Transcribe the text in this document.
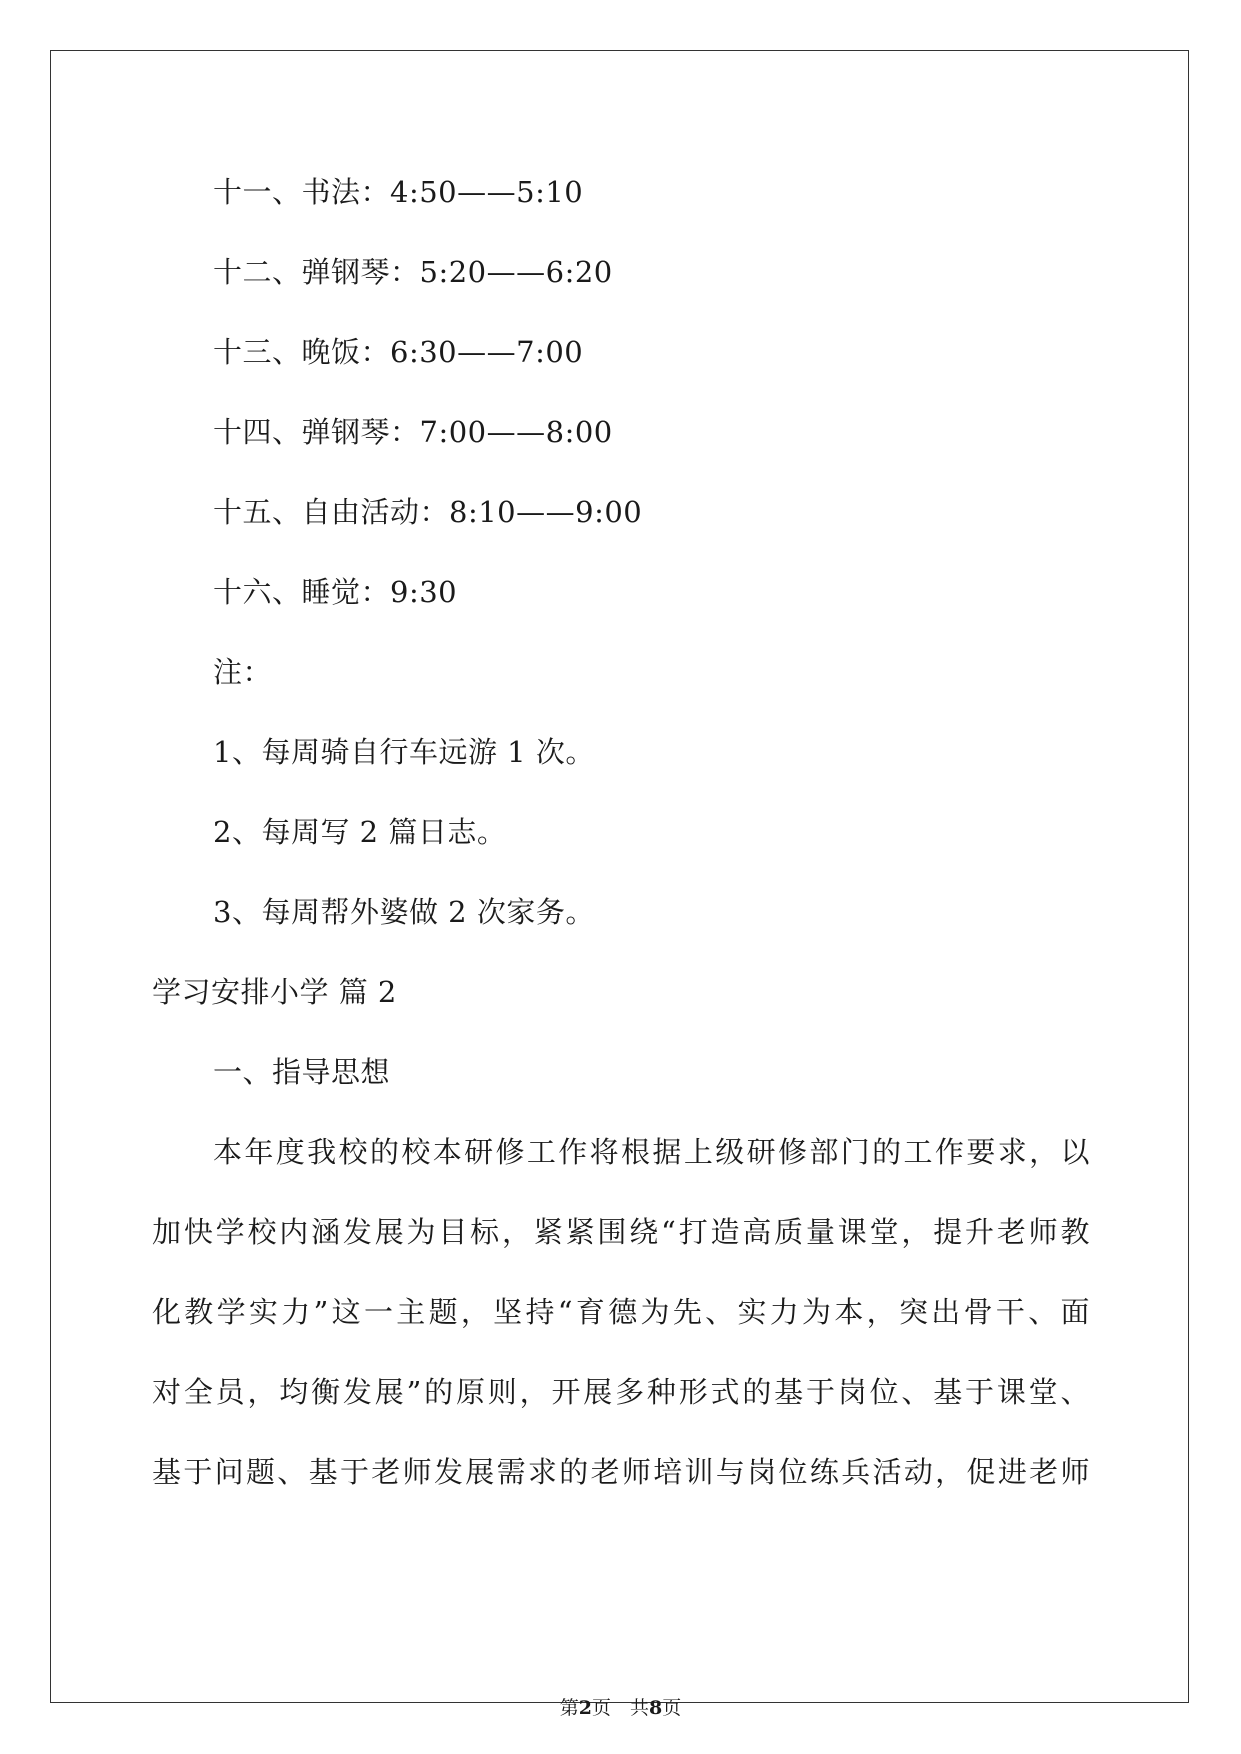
十一、书法：4:50——5:10
十二、弹钢琴：5:20——6:20
十三、晚饭：6:30——7:00
十四、弹钢琴：7:00——8:00
十五、自由活动：8:10——9:00
十六、睡觉：9:30
注：
1、每周骑自行车远游 1 次。
2、每周写 2 篇日志。
3、每周帮外婆做 2 次家务。
学习安排小学 篇 2
一、指导思想
本年度我校的校本研修工作将根据上级研修部门的工作要求，以
加快学校内涵发展为目标，紧紧围绕“打造高质量课堂，提升老师教
化教学实力”这一主题，坚持“育德为先、实力为本，突出骨干、面
对全员，均衡发展”的原则，开展多种形式的基于岗位、基于课堂、
基于问题、基于老师发展需求的老师培训与岗位练兵活动，促进老师
第2页　共8页
